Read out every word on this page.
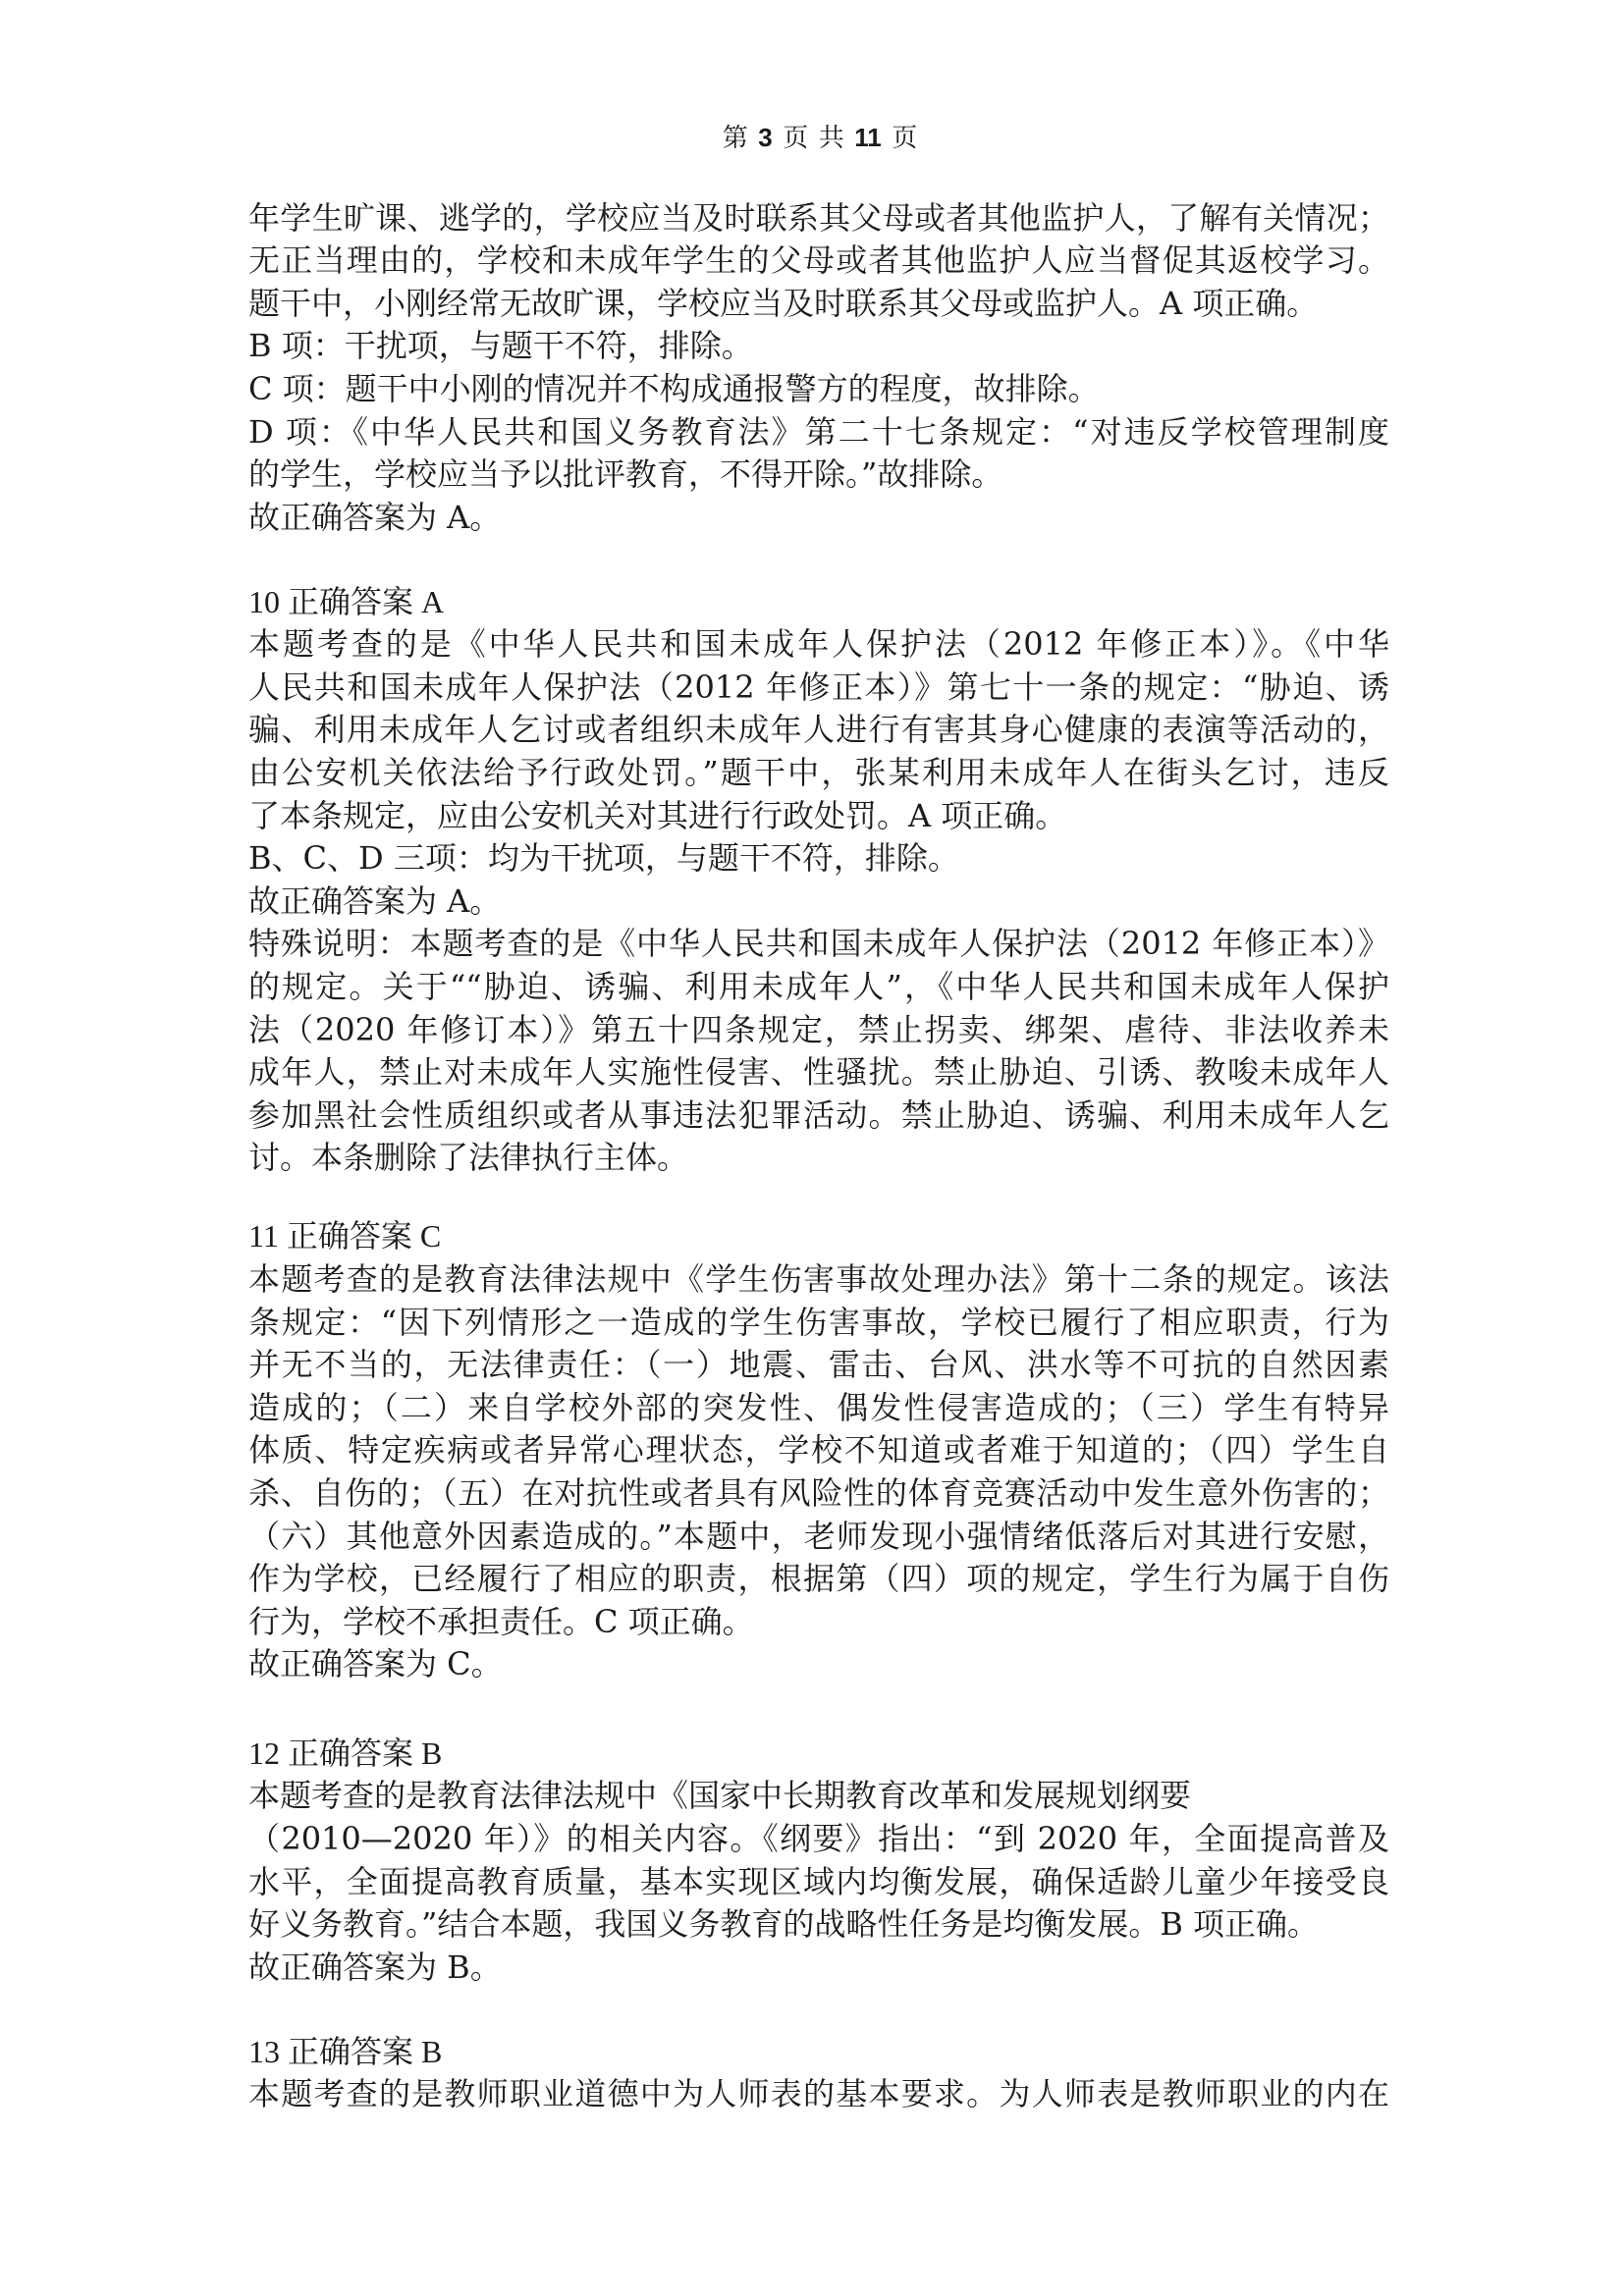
第 3 页 共 11 页
年学生旷课、逃学的，学校应当及时联系其父母或者其他监护人，了解有关情况；
无正当理由的，学校和未成年学生的父母或者其他监护人应当督促其返校学习。
题干中，小刚经常无故旷课，学校应当及时联系其父母或监护人。A 项正确。
B 项：干扰项，与题干不符，排除。
C 项：题干中小刚的情况并不构成通报警方的程度，故排除。
D 项：《中华人民共和国义务教育法》第二十七条规定：“对违反学校管理制度
的学生，学校应当予以批评教育，不得开除。”故排除。
故正确答案为 A。
10 正确答案 A
本题考查的是《中华人民共和国未成年人保护法（2012 年修正本）》。《中华
人民共和国未成年人保护法（2012 年修正本）》第七十一条的规定：“胁迫、诱
骗、利用未成年人乞讨或者组织未成年人进行有害其身心健康的表演等活动的，
由公安机关依法给予行政处罚。”题干中，张某利用未成年人在街头乞讨，违反
了本条规定，应由公安机关对其进行行政处罚。A 项正确。
B、C、D 三项：均为干扰项，与题干不符，排除。
故正确答案为 A。
特殊说明：本题考查的是《中华人民共和国未成年人保护法（2012 年修正本）》
的规定。关于““胁迫、诱骗、利用未成年人”，《中华人民共和国未成年人保护
法（2020 年修订本）》第五十四条规定，禁止拐卖、绑架、虐待、非法收养未
成年人，禁止对未成年人实施性侵害、性骚扰。禁止胁迫、引诱、教唆未成年人
参加黑社会性质组织或者从事违法犯罪活动。禁止胁迫、诱骗、利用未成年人乞
讨。本条删除了法律执行主体。
11 正确答案 C
本题考查的是教育法律法规中《学生伤害事故处理办法》第十二条的规定。该法
条规定：“因下列情形之一造成的学生伤害事故，学校已履行了相应职责，行为
并无不当的，无法律责任：（一）地震、雷击、台风、洪水等不可抗的自然因素
造成的；（二）来自学校外部的突发性、偶发性侵害造成的；（三）学生有特异
体质、特定疾病或者异常心理状态，学校不知道或者难于知道的；（四）学生自
杀、自伤的；（五）在对抗性或者具有风险性的体育竞赛活动中发生意外伤害的；
（六）其他意外因素造成的。”本题中，老师发现小强情绪低落后对其进行安慰，
作为学校，已经履行了相应的职责，根据第（四）项的规定，学生行为属于自伤
行为，学校不承担责任。C 项正确。
故正确答案为 C。
12 正确答案 B
本题考查的是教育法律法规中《国家中长期教育改革和发展规划纲要
（2010—2020 年）》的相关内容。《纲要》指出：“到 2020 年，全面提高普及
水平，全面提高教育质量，基本实现区域内均衡发展，确保适龄儿童少年接受良
好义务教育。”结合本题，我国义务教育的战略性任务是均衡发展。B 项正确。
故正确答案为 B。
13 正确答案 B
本题考查的是教师职业道德中为人师表的基本要求。为人师表是教师职业的内在
